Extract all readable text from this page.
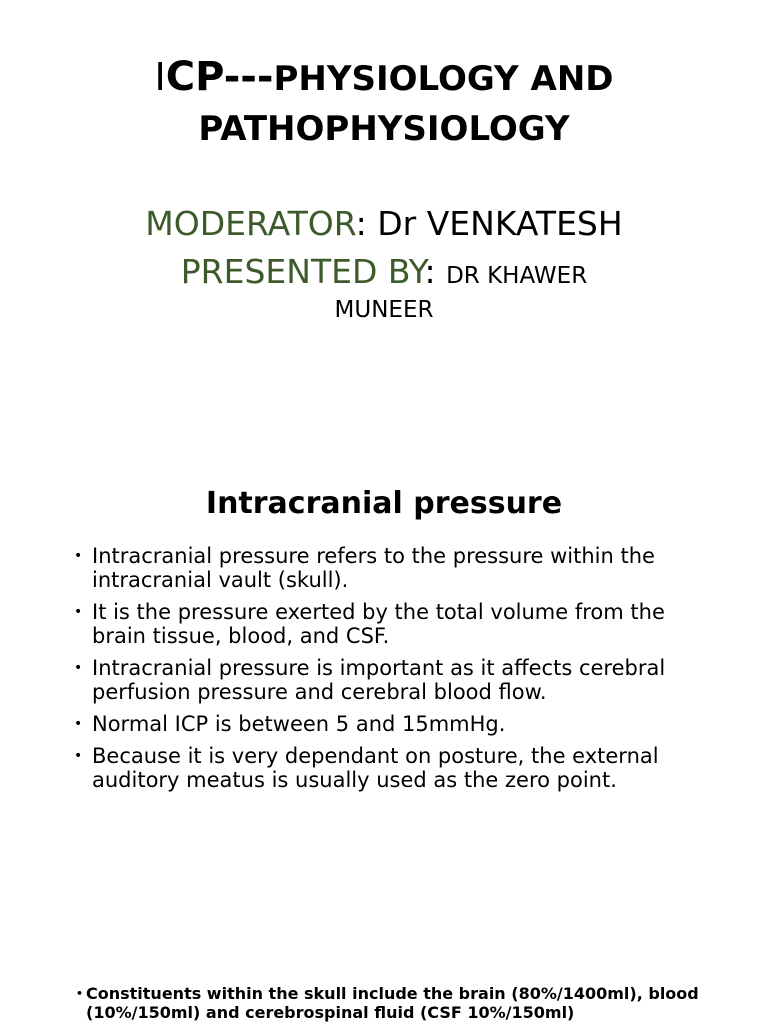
ICP---PHYSIOLOGY AND
PATHOPHYSIOLOGY
MODERATOR: Dr VENKATESH
PRESENTED BY: DR KHAWER
MUNEER
Intracranial pressure
• Intracranial pressure refers to the pressure within the intracranial vault (skull).
• It is the pressure exerted by the total volume from the brain tissue, blood, and CSF.
• Intracranial pressure is important as it affects cerebral perfusion pressure and cerebral blood flow.
• Normal ICP is between 5 and 15mmHg.
• Because it is very dependant on posture, the external auditory meatus is usually used as the zero point.
• Constituents within the skull include the brain (80%/1400ml), blood (10%/150ml) and cerebrospinal fluid (CSF 10%/150ml)
